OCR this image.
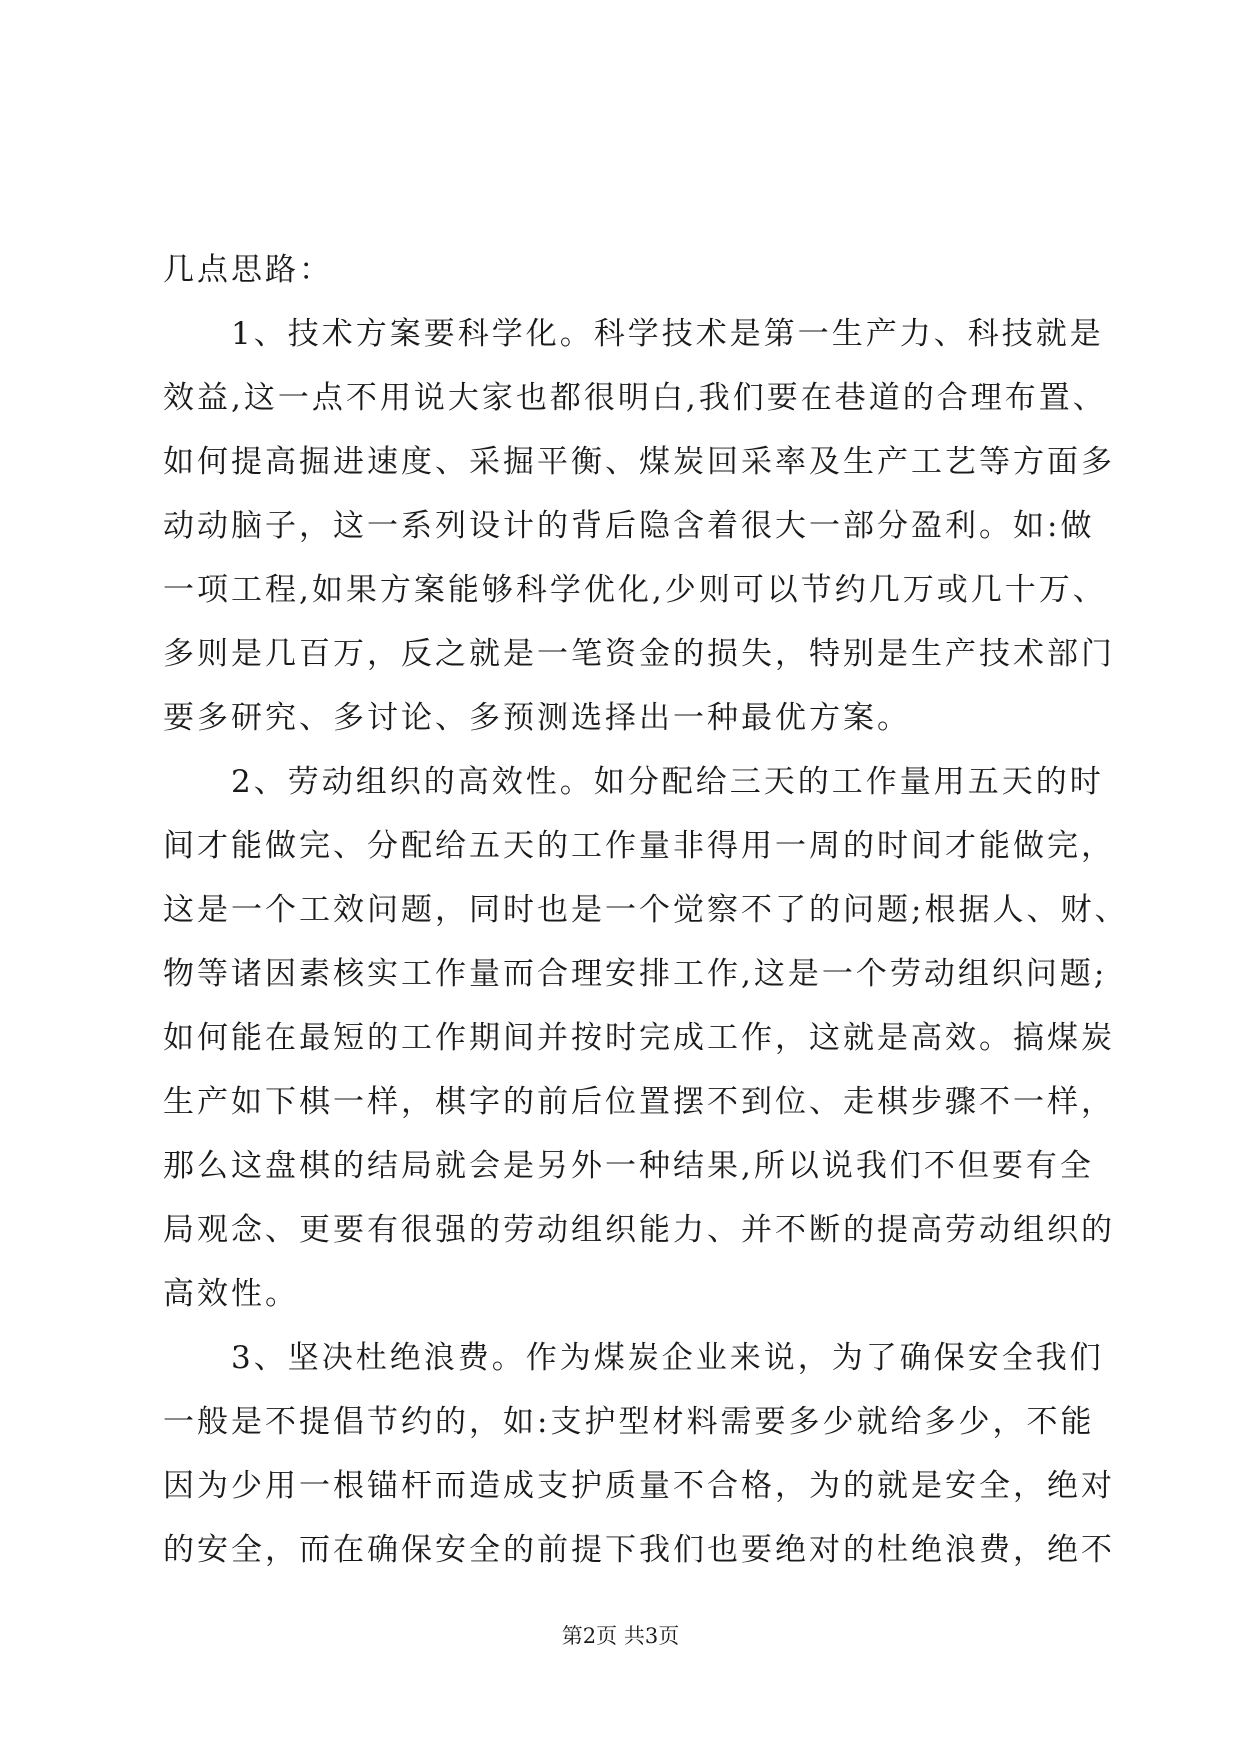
几点思路：
1、技术方案要科学化。科学技术是第一生产力、科技就是
效益,这一点不用说大家也都很明白,我们要在巷道的合理布置、
如何提高掘进速度、采掘平衡、煤炭回采率及生产工艺等方面多
动动脑子，这一系列设计的背后隐含着很大一部分盈利。如:做
一项工程,如果方案能够科学优化,少则可以节约几万或几十万、
多则是几百万，反之就是一笔资金的损失，特别是生产技术部门
要多研究、多讨论、多预测选择出一种最优方案。
2、劳动组织的高效性。如分配给三天的工作量用五天的时
间才能做完、分配给五天的工作量非得用一周的时间才能做完，
这是一个工效问题，同时也是一个觉察不了的问题;根据人、财、
物等诸因素核实工作量而合理安排工作,这是一个劳动组织问题;
如何能在最短的工作期间并按时完成工作，这就是高效。搞煤炭
生产如下棋一样，棋字的前后位置摆不到位、走棋步骤不一样，
那么这盘棋的结局就会是另外一种结果,所以说我们不但要有全
局观念、更要有很强的劳动组织能力、并不断的提高劳动组织的
高效性。
3、坚决杜绝浪费。作为煤炭企业来说，为了确保安全我们
一般是不提倡节约的，如:支护型材料需要多少就给多少，不能
因为少用一根锚杆而造成支护质量不合格，为的就是安全，绝对
的安全，而在确保安全的前提下我们也要绝对的杜绝浪费，绝不
第2页 共3页
